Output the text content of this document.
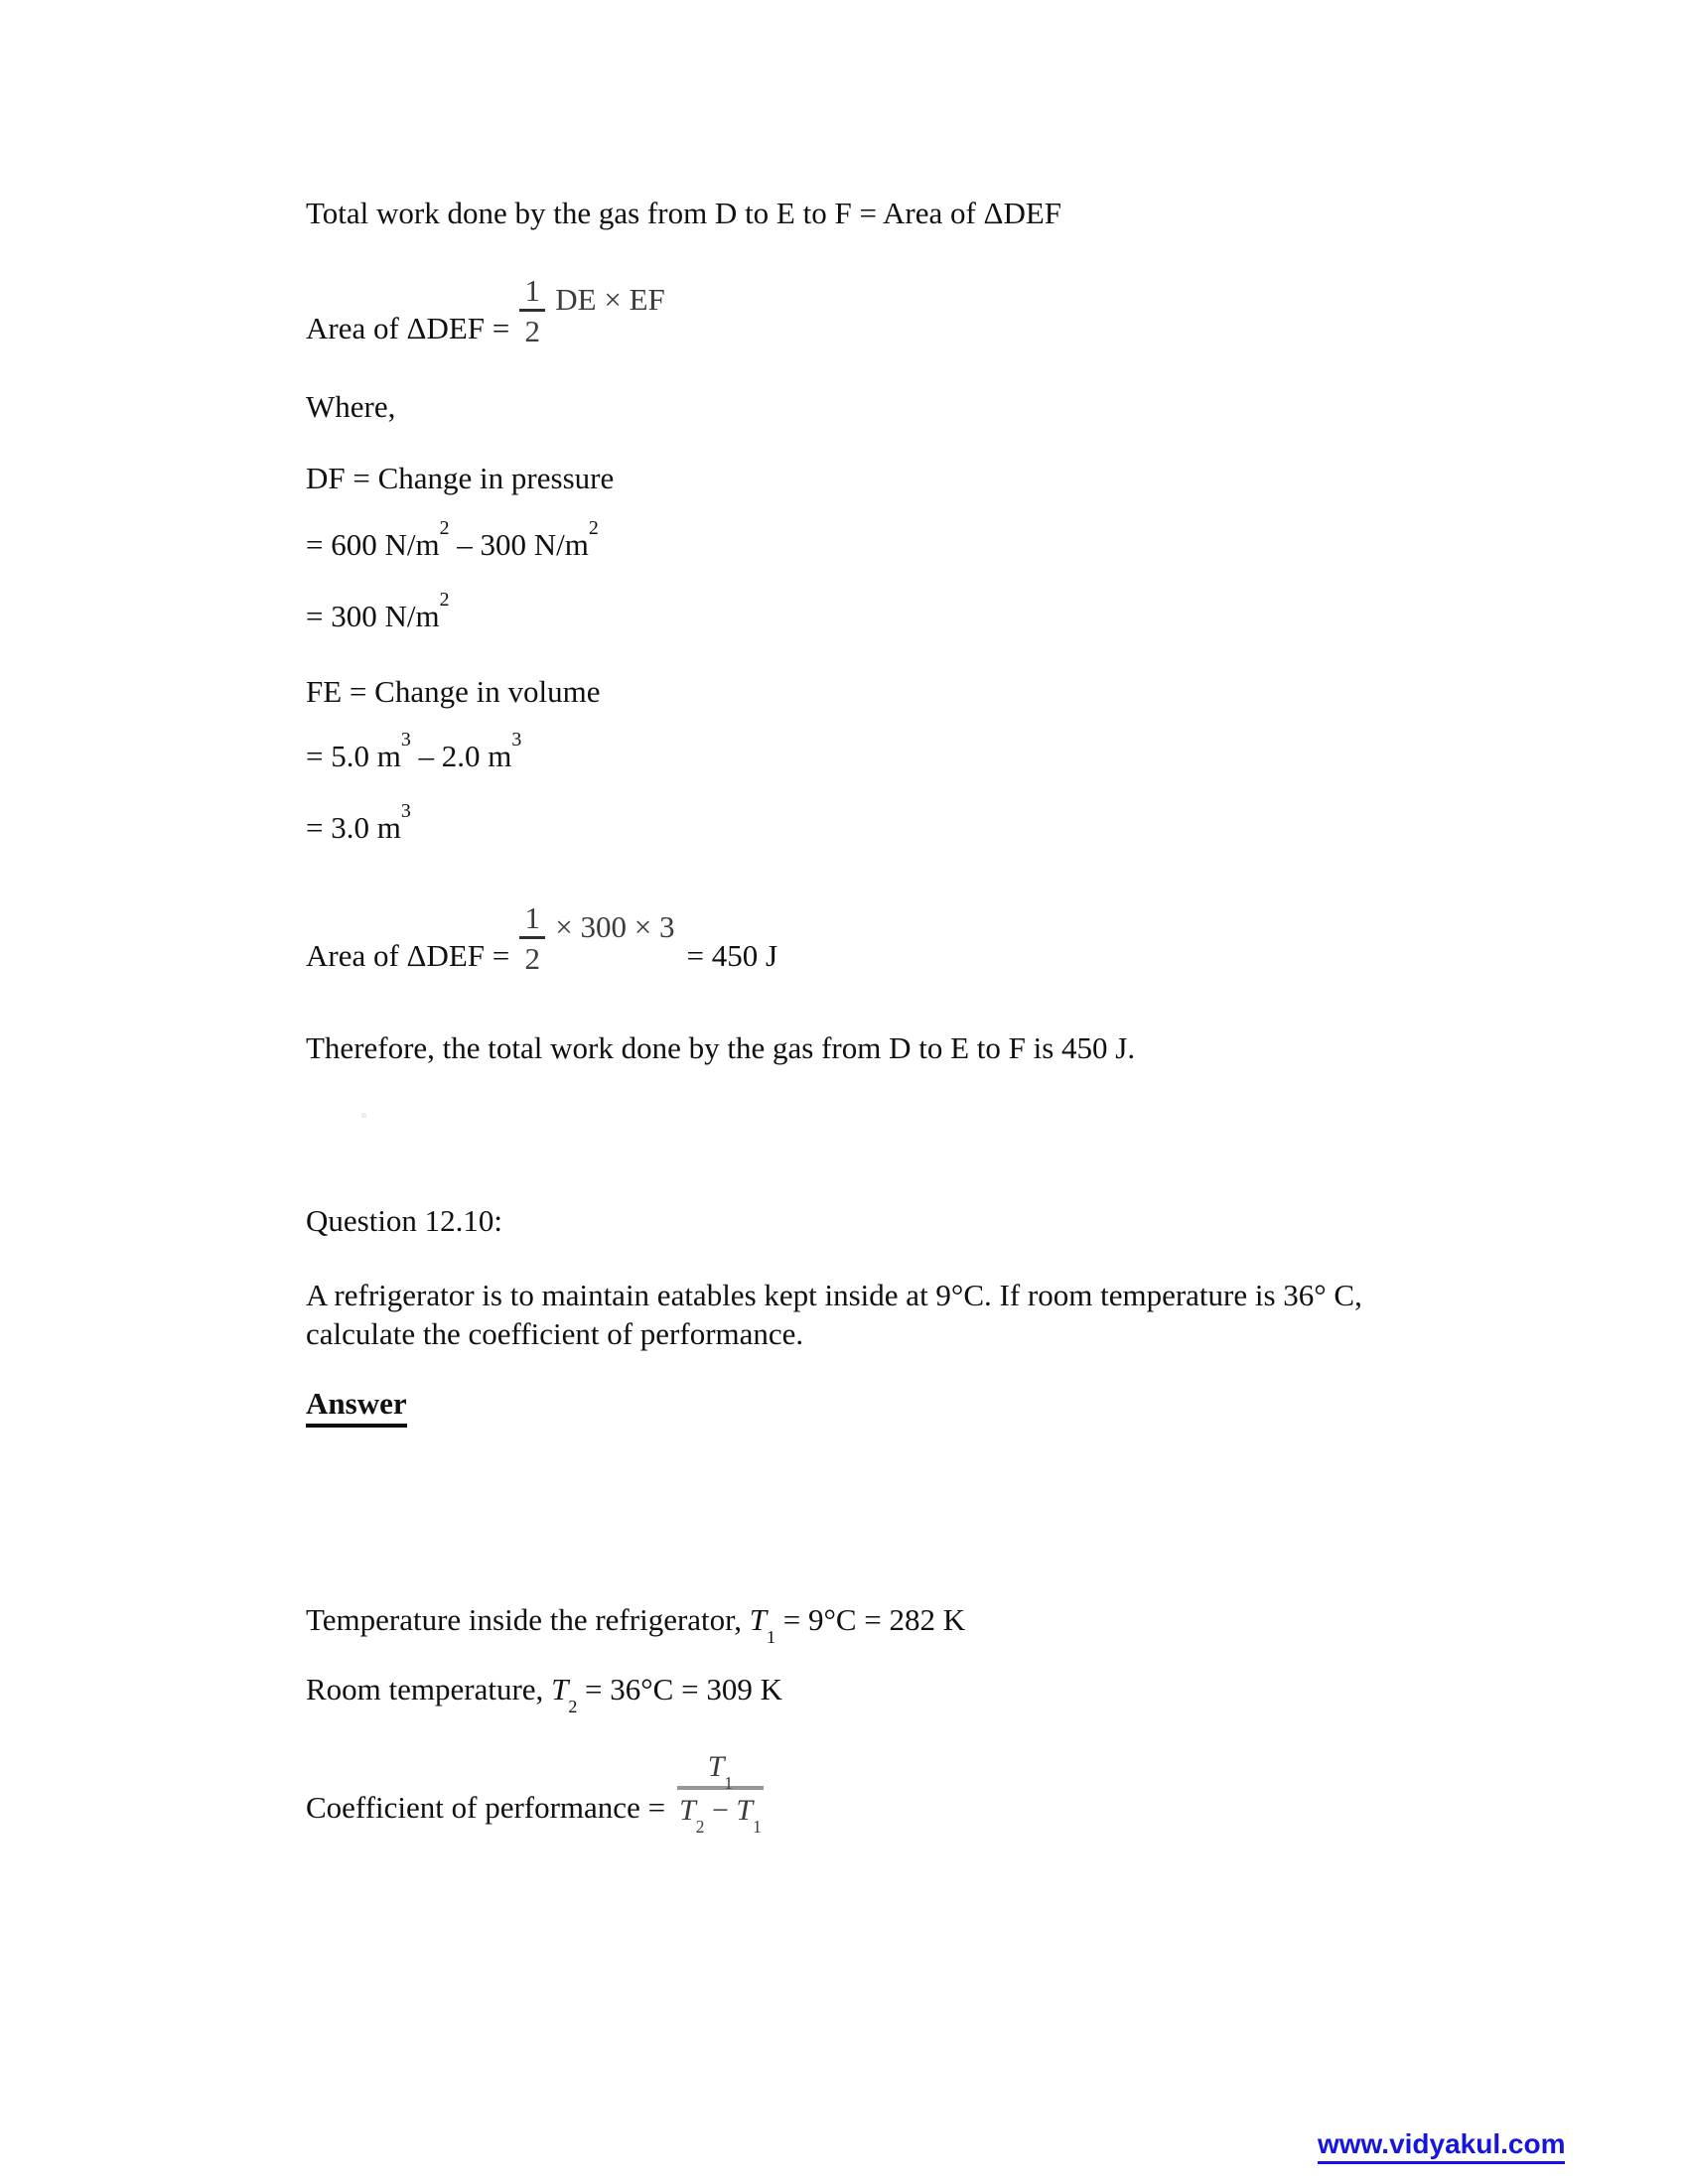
Total work done by the gas from D to E to F = Area of ΔDEF

Area of $\Delta DEF = \frac{1}{2}$ DE × EF

Where,

DF = Change in pressure

= 600 $N/m^2 - 300$ $N/m^2$

= 300 $N/m^2$

FE = Change in volume

= 5.0 $m^3 - 2.0$ $m^3$

= 3.0 $m^3$

Area of $\Delta DEF = \frac{1}{2} \times 300 \times 3$
= 450 J

Therefore, the total work done by the gas from D to E to F is 450 J.

Question 12.10:

A refrigerator is to maintain eatables kept inside at 9°C. If room temperature is 36° C,
calculate the coefficient of performance.

Answer

Temperature inside the refrigerator, $T_1 = 9^\circ C = 282$ K

Room temperature, $T_2 = 36^\circ C = 309$ K

Coefficient of performance = $\frac{T_1}{T_2 - T_1}$
www.vidyakul.com
